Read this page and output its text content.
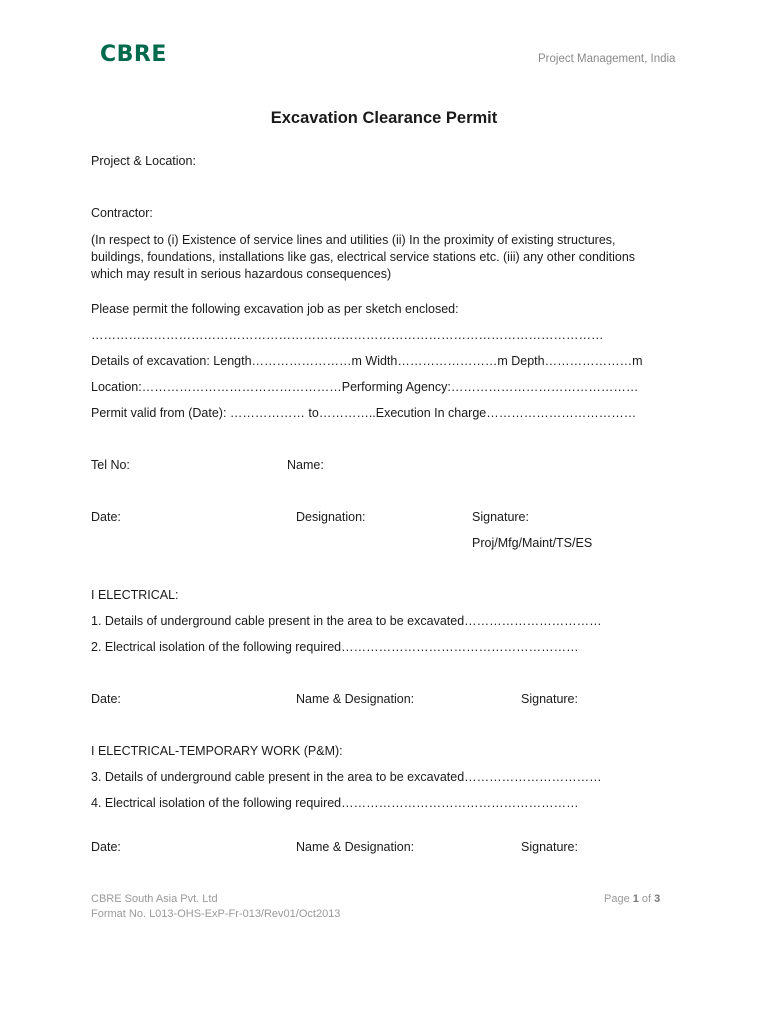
CBRE	Project Management, India
Excavation Clearance Permit
Project & Location:
Contractor:
(In respect to (i) Existence of service lines and utilities (ii) In the proximity of existing structures,
buildings, foundations, installations like gas, electrical service stations etc. (iii) any other conditions
which may result in serious hazardous consequences)
Please permit the following excavation job as per sketch enclosed:
……………………………………………………………………………………………………………
Details of excavation: Length……………………m Width……………………m Depth…………………m
Location:…………………………………………Performing Agency:………………………………………
Permit valid from (Date): ……………… to…………..Execution In charge………………………………
Tel No:	Name:
Date:	Designation:	Signature:
Proj/Mfg/Maint/TS/ES
I ELECTRICAL:
1. Details of underground cable present in the area to be excavated……………………………
2. Electrical isolation of the following required…………………………………………………
Date:	Name & Designation:	Signature:
I ELECTRICAL-TEMPORARY WORK (P&M):
3. Details of underground cable present in the area to be excavated……………………………
4. Electrical isolation of the following required…………………………………………………
Date:	Name & Designation:	Signature:
CBRE South Asia Pvt. Ltd
Format No. L013-OHS-ExP-Fr-013/Rev01/Oct2013
Page 1 of 3
